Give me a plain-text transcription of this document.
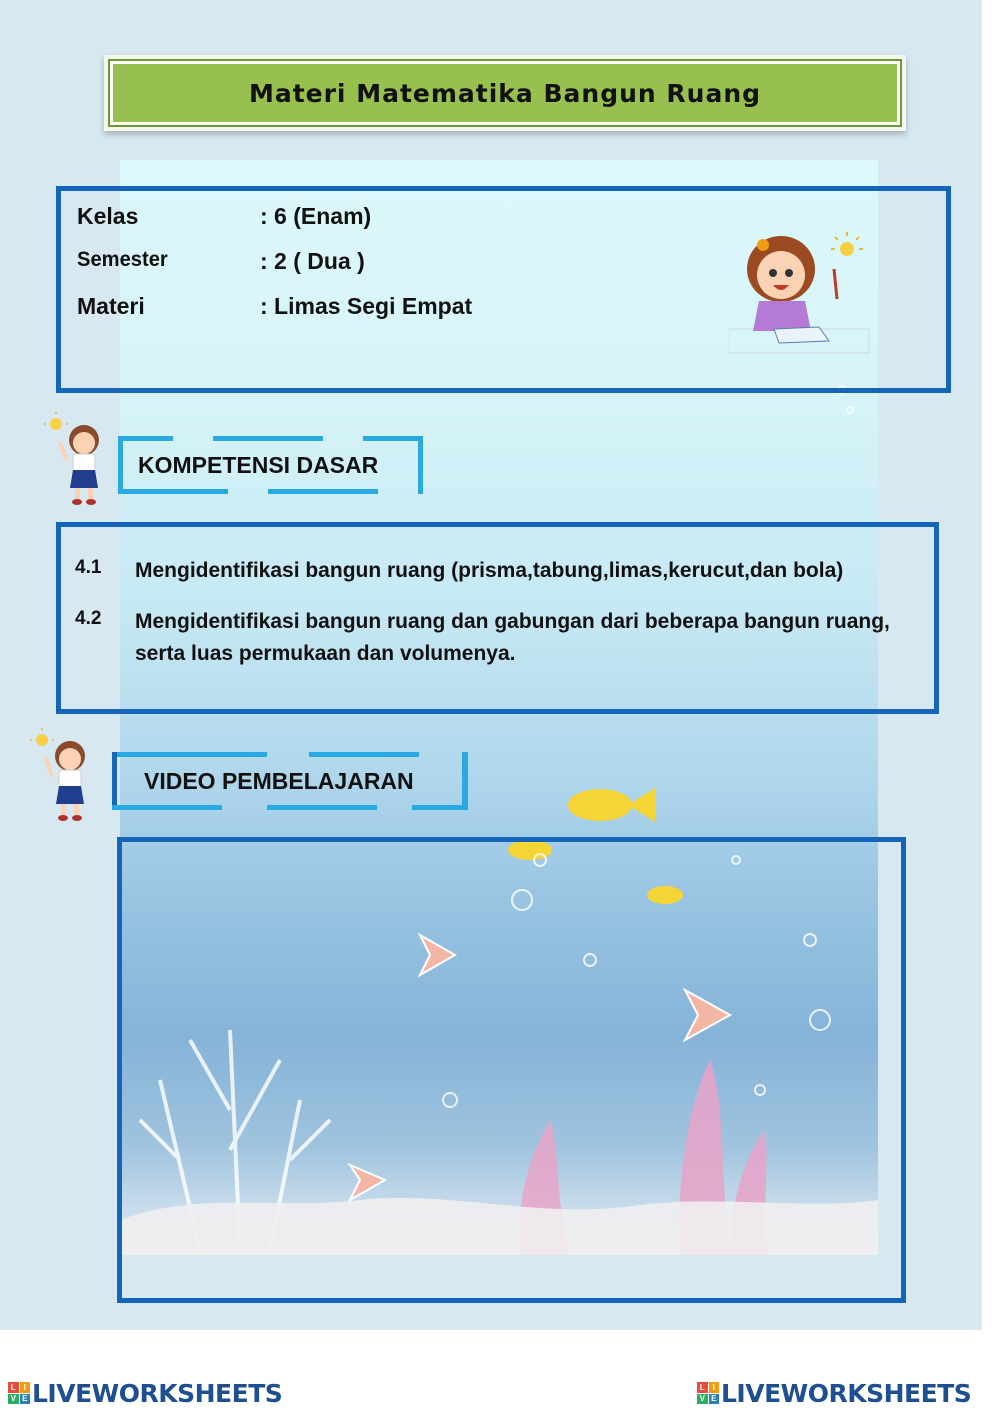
Materi Matematika Bangun Ruang
Kelas	: 6 (Enam)
Semester	: 2 ( Dua )
Materi	: Limas Segi Empat
KOMPETENSI DASAR
4.1	Mengidentifikasi bangun ruang (prisma,tabung,limas,kerucut,dan bola)
4.2	Mengidentifikasi bangun ruang dan gabungan dari beberapa bangun ruang, serta luas permukaan dan volumenya.
VIDEO PEMBELAJARAN
L I
V E LIVEWORKSHEETS	L I
V E LIVEWORKSHEETS
